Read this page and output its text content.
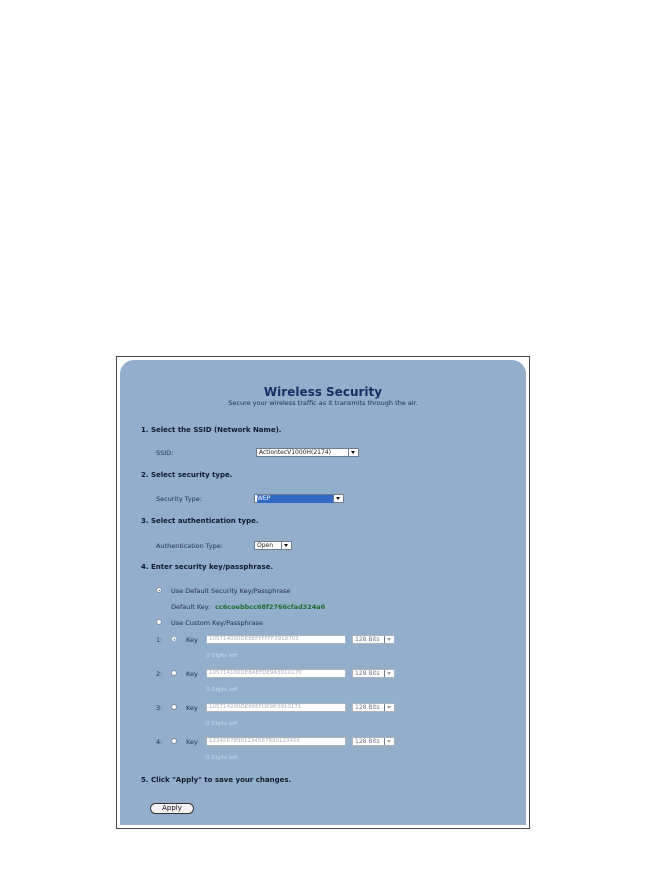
Wireless Security
Secure your wireless traffic as it transmits through the air.
1. Select the SSID (Network Name).
SSID:	ActiontecV1000H(2174)
2. Select security type.
Security Type:	WEP
3. Select authentication type.
Authentication Type:	Open
4. Enter security key/passphrase.
Use Default Security Key/Passphrase
Default Key: cc6coebbcc68f2766cfad324a6
Use Custom Key/Passphrase
1:	Key	105714000DE8EFFFFFF3918703	128 Bits
0 Digits left
2:	Key	105714100DE8AEFDE9A3910170	128 Bits
0 Digits left
3:	Key	105714200DE88EFDE9B3910171	128 Bits
0 Digits left
4:	Key	12345678901234567890123456	128 Bits
0 Digits left
5. Click "Apply" to save your changes.
Apply
